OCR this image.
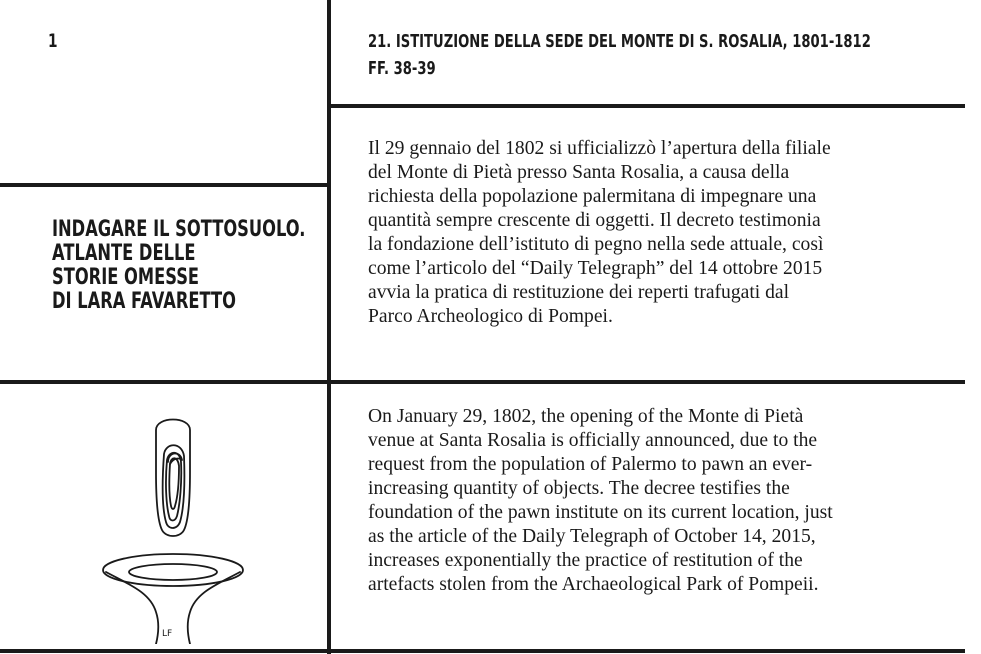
1	21. ISTITUZIONE DELLA SEDE DEL MONTE DI S. ROSALIA, 1801-1812
FF. 38-39
INDAGARE IL SOTTOSUOLO.
ATLANTE DELLE
STORIE OMESSE
DI LARA FAVARETTO
Il 29 gennaio del 1802 si ufficializzò l’apertura della filiale
del Monte di Pietà presso Santa Rosalia, a causa della
richiesta della popolazione palermitana di impegnare una
quantità sempre crescente di oggetti. Il decreto testimonia
la fondazione dell’istituto di pegno nella sede attuale, così
come l’articolo del “Daily Telegraph” del 14 ottobre 2015
avvia la pratica di restituzione dei reperti trafugati dal
Parco Archeologico di Pompei.
On January 29, 1802, the opening of the Monte di Pietà
venue at Santa Rosalia is officially announced, due to the
request from the population of Palermo to pawn an ever-
increasing quantity of objects. The decree testifies the
foundation of the pawn institute on its current location, just
as the article of the Daily Telegraph of October 14, 2015,
increases exponentially the practice of restitution of the
artefacts stolen from the Archaeological Park of Pompeii.
LF
